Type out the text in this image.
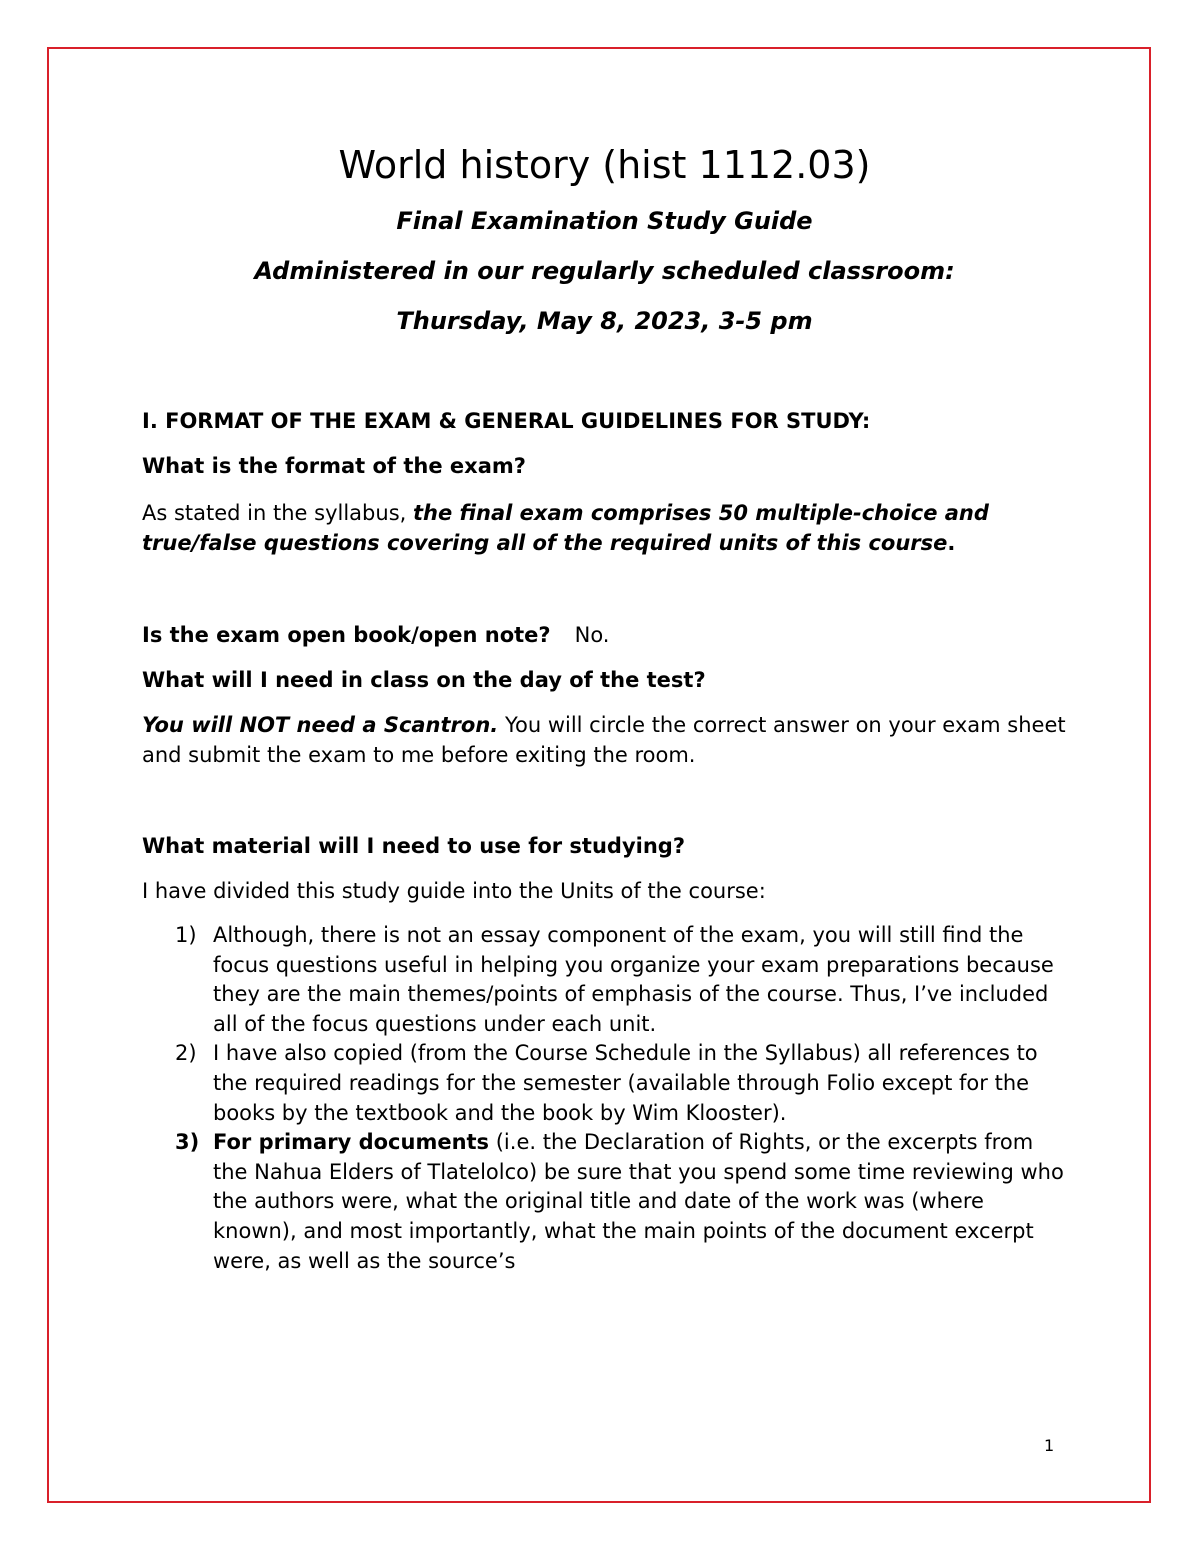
World history (hist 1112.03)

Final Examination Study Guide

Administered in our regularly scheduled classroom:

Thursday, May 8, 2023, 3-5 pm

I. FORMAT OF THE EXAM & GENERAL GUIDELINES FOR STUDY:

What is the format of the exam?

As stated in the syllabus, the final exam comprises 50 multiple-choice and true/false questions covering all of the required units of this course.

Is the exam open book/open note? No.

What will I need in class on the day of the test?

You will NOT need a Scantron. You will circle the correct answer on your exam sheet and submit the exam to me before exiting the room.

What material will I need to use for studying?

I have divided this study guide into the Units of the course:

1) Although, there is not an essay component of the exam, you will still find the focus questions useful in helping you organize your exam preparations because they are the main themes/points of emphasis of the course. Thus, I’ve included all of the focus questions under each unit.
2) I have also copied (from the Course Schedule in the Syllabus) all references to the required readings for the semester (available through Folio except for the books by the textbook and the book by Wim Klooster).
3) For primary documents (i.e. the Declaration of Rights, or the excerpts from the Nahua Elders of Tlatelolco) be sure that you spend some time reviewing who the authors were, what the original title and date of the work was (where known), and most importantly, what the main points of the document excerpt were, as well as the source’s
1
